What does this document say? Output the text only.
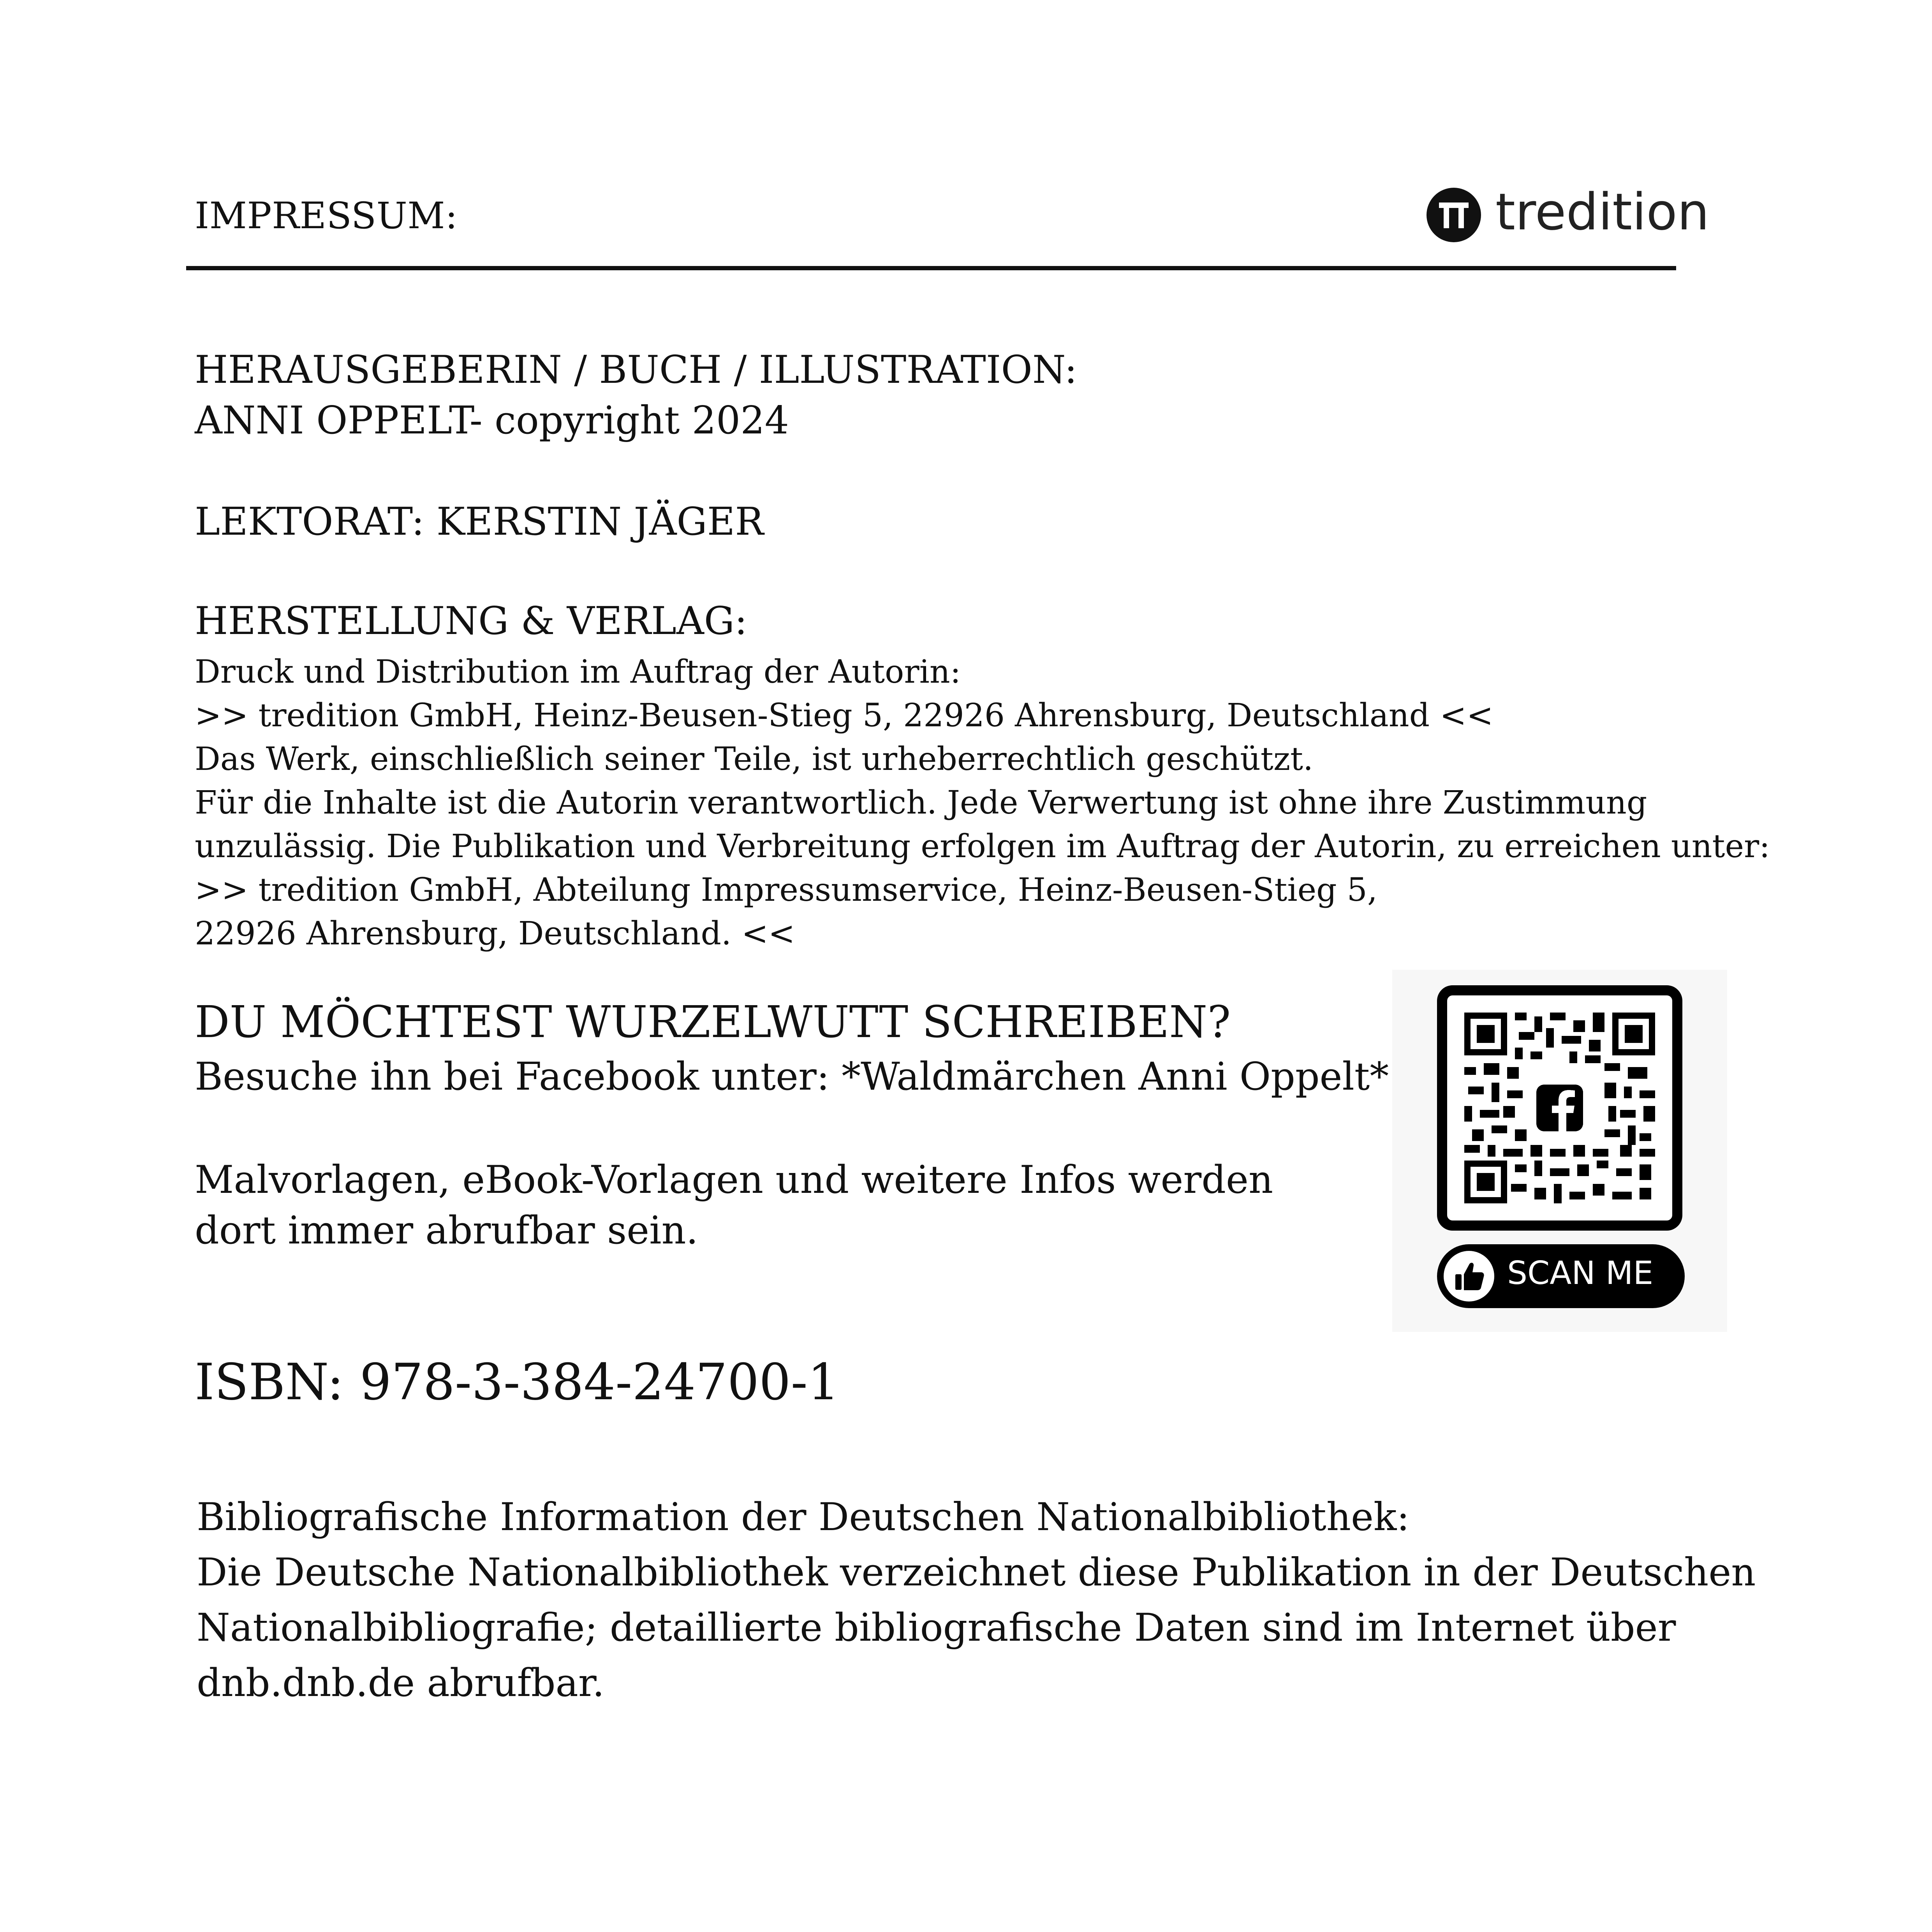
IMPRESSUM:	tredition
HERAUSGEBERIN / BUCH / ILLUSTRATION:
ANNI OPPELT- copyright 2024
LEKTORAT: KERSTIN JÄGER
HERSTELLUNG & VERLAG:
Druck und Distribution im Auftrag der Autorin:
>> tredition GmbH, Heinz-Beusen-Stieg 5, 22926 Ahrensburg, Deutschland <<
Das Werk, einschließlich seiner Teile, ist urheberrechtlich geschützt.
Für die Inhalte ist die Autorin verantwortlich. Jede Verwertung ist ohne ihre Zustimmung
unzulässig. Die Publikation und Verbreitung erfolgen im Auftrag der Autorin, zu erreichen unter:
>> tredition GmbH, Abteilung Impressumservice, Heinz-Beusen-Stieg 5,
22926 Ahrensburg, Deutschland. <<
DU MÖCHTEST WURZELWUTT SCHREIBEN?
Besuche ihn bei Facebook unter: *Waldmärchen Anni Oppelt*
Malvorlagen, eBook-Vorlagen und weitere Infos werden
dort immer abrufbar sein.
SCAN ME
ISBN: 978-3-384-24700-1
Bibliografische Information der Deutschen Nationalbibliothek:
Die Deutsche Nationalbibliothek verzeichnet diese Publikation in der Deutschen
Nationalbibliografie; detaillierte bibliografische Daten sind im Internet über
dnb.dnb.de abrufbar.
